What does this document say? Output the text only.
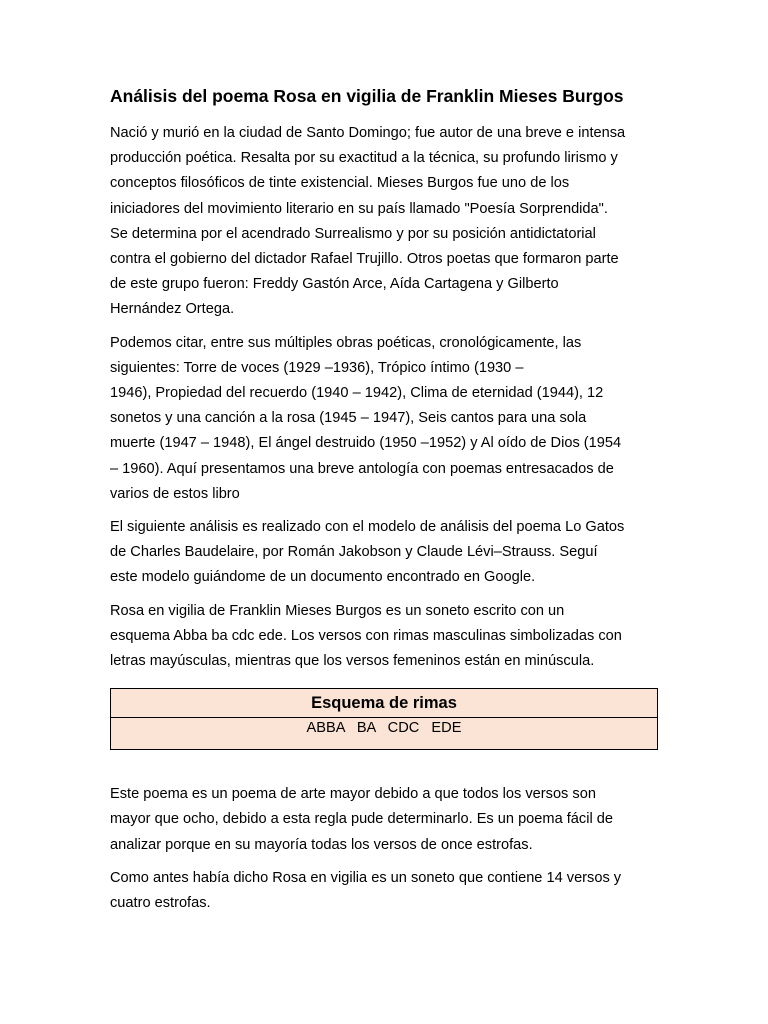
Análisis del poema Rosa en vigilia de Franklin Mieses Burgos

Nació y murió en la ciudad de Santo Domingo; fue autor de una breve e intensa
producción poética. Resalta por su exactitud a la técnica, su profundo lirismo y
conceptos filosóficos de tinte existencial. Mieses Burgos fue uno de los
iniciadores del movimiento literario en su país llamado "Poesía Sorprendida".
Se determina por el acendrado Surrealismo y por su posición antidictatorial
contra el gobierno del dictador Rafael Trujillo. Otros poetas que formaron parte
de este grupo fueron: Freddy Gastón Arce, Aída Cartagena y Gilberto
Hernández Ortega.

Podemos citar, entre sus múltiples obras poéticas, cronológicamente, las
siguientes: Torre de voces (1929 –1936), Trópico íntimo (1930 –
1946), Propiedad del recuerdo (1940 – 1942), Clima de eternidad (1944), 12
sonetos y una canción a la rosa (1945 – 1947), Seis cantos para una sola
muerte (1947 – 1948), El ángel destruido (1950 –1952) y Al oído de Dios (1954
– 1960). Aquí presentamos una breve antología con poemas entresacados de
varios de estos libro

El siguiente análisis es realizado con el modelo de análisis del poema Lo Gatos
de Charles Baudelaire, por Román Jakobson y Claude Lévi–Strauss. Seguí
este modelo guiándome de un documento encontrado en Google.

Rosa en vigilia de Franklin Mieses Burgos es un soneto escrito con un
esquema Abba ba cdc ede. Los versos con rimas masculinas simbolizadas con
letras mayúsculas, mientras que los versos femeninos están en minúscula.

Esquema de rimas
ABBA   BA   CDC   EDE

Este poema es un poema de arte mayor debido a que todos los versos son
mayor que ocho, debido a esta regla pude determinarlo. Es un poema fácil de
analizar porque en su mayoría todas los versos de once estrofas.

Como antes había dicho Rosa en vigilia es un soneto que contiene 14 versos y
cuatro estrofas.
